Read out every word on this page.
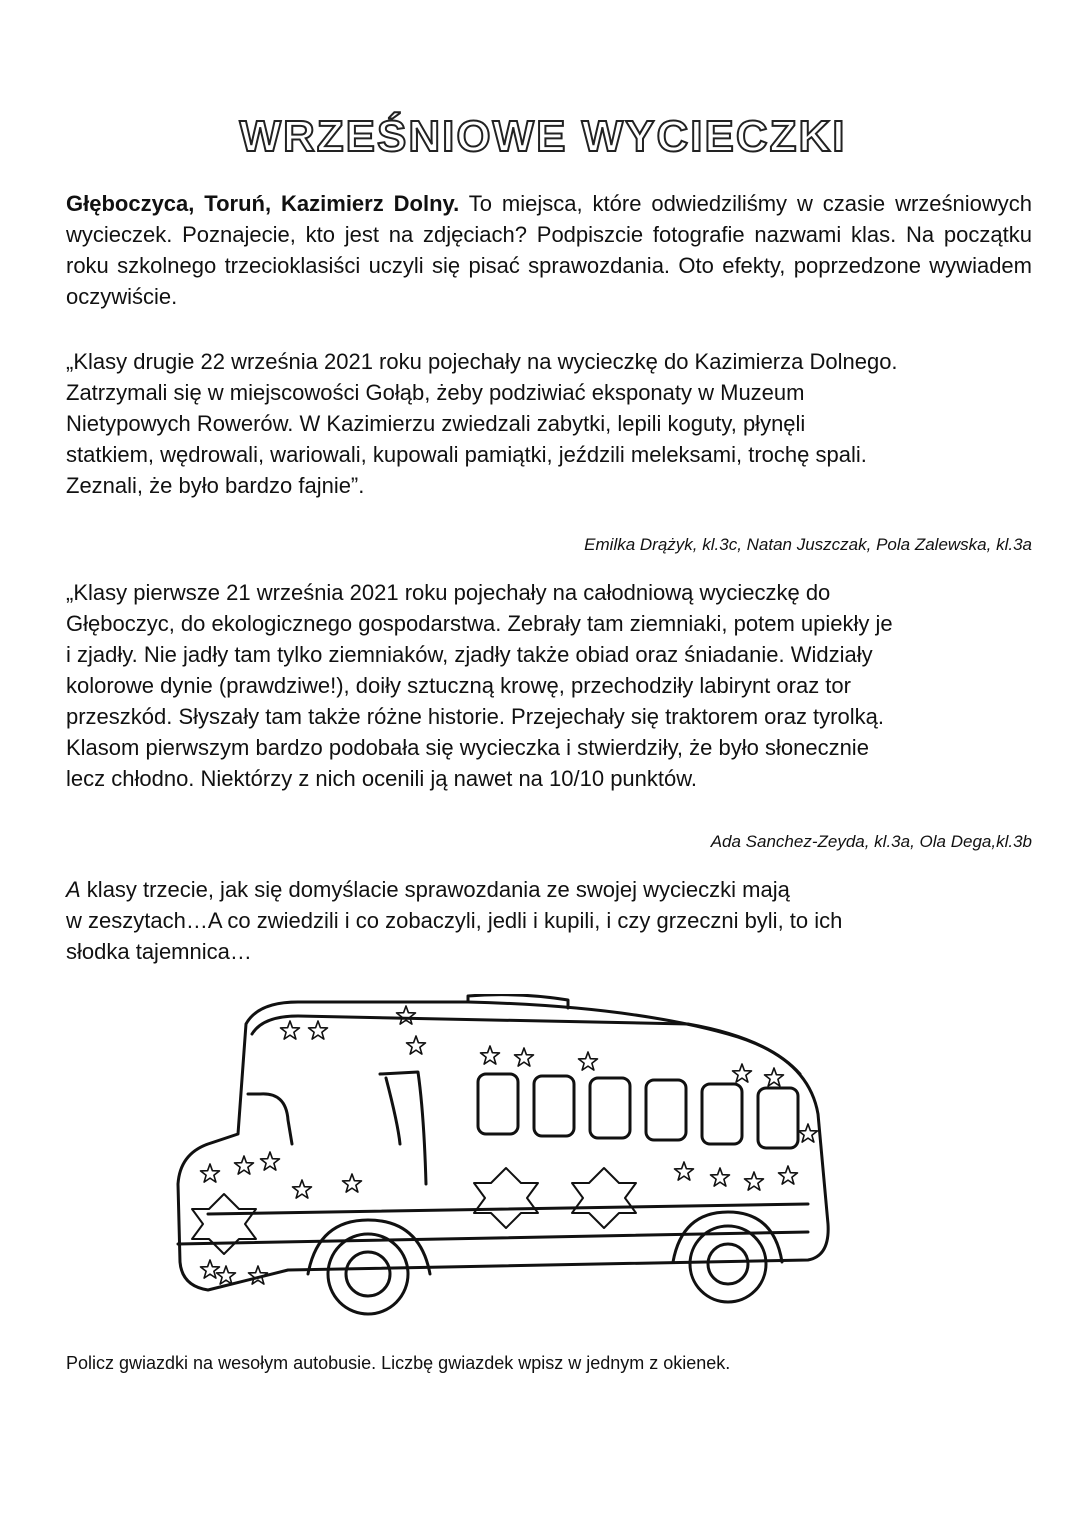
WRZEŚNIOWE WYCIECZKI

Głęboczyca, Toruń, Kazimierz Dolny. To miejsca, które odwiedziliśmy w czasie wrześniowych wycieczek. Poznajecie, kto jest na zdjęciach? Podpiszcie fotografie nazwami klas. Na początku roku szkolnego trzecioklasiści uczyli się pisać sprawozdania. Oto efekty, poprzedzone wywiadem oczywiście.

„Klasy drugie 22 września 2021 roku pojechały na wycieczkę do Kazimierza Dolnego.
Zatrzymali się w miejscowości Gołąb, żeby podziwiać eksponaty w Muzeum
Nietypowych Rowerów. W Kazimierzu zwiedzali zabytki, lepili koguty, płynęli
statkiem, wędrowali, wariowali, kupowali pamiątki, jeździli meleksami, trochę spali.
Zeznali, że było bardzo fajnie”.
Emilka Drążyk, kl.3c, Natan Juszczak, Pola Zalewska, kl.3a
„Klasy pierwsze 21 września 2021 roku pojechały na całodniową wycieczkę do
Głęboczyc, do ekologicznego gospodarstwa. Zebrały tam ziemniaki, potem upiekły je
i zjadły. Nie jadły tam tylko ziemniaków, zjadły także obiad oraz śniadanie. Widziały
kolorowe dynie (prawdziwe!), doiły sztuczną krowę, przechodziły labirynt oraz tor
przeszkód. Słyszały tam także różne historie. Przejechały się traktorem oraz tyrolką.
Klasom pierwszym bardzo podobała się wycieczka i stwierdziły, że było słonecznie
lecz chłodno. Niektórzy z nich ocenili ją nawet na 10/10 punktów.
Ada Sanchez-Zeyda, kl.3a, Ola Dega,kl.3b
A klasy trzecie, jak się domyślacie sprawozdania ze swojej wycieczki mają
w zeszytach…A co zwiedzili i co zobaczyli, jedli i kupili, i czy grzeczni byli, to ich
słodka tajemnica…
Policz gwiazdki na wesołym autobusie. Liczbę gwiazdek wpisz w jednym z okienek.
